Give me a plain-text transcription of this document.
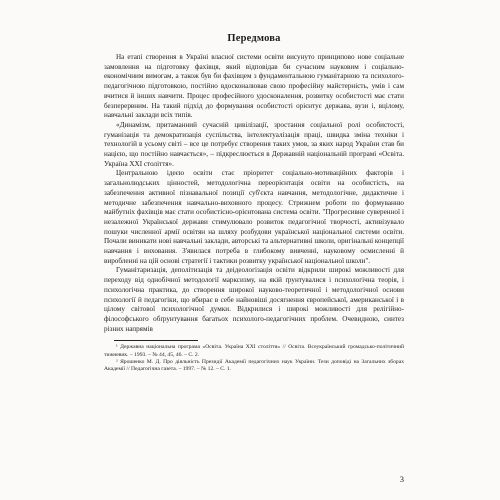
Передмова

На етапі створення в Україні власної системи освіти висунуто принципово нове соціальне замовлення на підготовку фахівця, який відповідав би сучасним науковим і соціально-економічним вимогам, а також був би фахівцем з фундаментальною гуманітарною та психолого-педагогічною підготовкою, постійно вдосконалював свою професійну майстерність, умів і сам вчитися й інших навчити. Процес професійного удосконалення, розвитку особистості має стати безперервним. На такий підхід до формування особистості орієнтує держава, вузи і, вцілому, навчальні заклади всіх типів.

«Динамізм, притаманний сучасній цивілізації, зростання соціальної ролі особистості, гуманізація та демократизація суспільства, інтелектуалізація праці, швидка зміна техніки і технологій в усьому світі – все це потребує створення таких умов, за яких народ України став би нацією, що постійно навчається», – підкреслюється в Державній національній програмі «Освіта. Україна XXI століття».

Центральною ідеєю освіти стає пріоритет соціально-мотиваційних факторів і загальнолюдських цінностей, методологічна переорієнтація освіти на особистість, на забезпечення активної пізнавальної позиції суб'єкта навчання, методологічне, дидактичне і методичне забезпечення навчально-виховного процесу. Стрижнем роботи по формуванню майбутніх фахівців має стати особистісно-орієнтована система освіти. "Прогресивне суверенної і незалежної Української держави стимулювало розвиток педагогічної творчості, активізувало пошуки численної армії освітян на шляху розбудови української національної системи освіти. Почали виникати нові навчальні заклади, авторські та альтернативні школи, оригінальні концепції навчання і виховання. З'явилася потреба в глибокому вивченні, науковому осмисленні й виробленні на цій основі стратегії і тактики розвитку української національної школи".

Гуманітаризація, деполітизація та деідеологізація освіти відкрили широкі можливості для переходу від однобічної методології марксизму, на якій ґрунтувалися і психологічна теорія, і психологічна практика, до створення широкої науково-теоретичної і методологічної основи психології й педагогіки, що вбирає в себе найновіші досягнення європейської, американської і в цілому світової психологічної думки. Відкрилися і широкі можливості для релігійно-філософського обґрунтування багатьох психолого-педагогічних проблем. Очевидною, синтез різних напрямів

¹ Державна національна програма «Освіта. Україна XXI століття» // Освіта. Всеукраїнський громадсько-політичний тижневик. – 1993. – № 44, 45, 46. – С. 2.

² Ярошенко М. Д. Про діяльність Президії Академії педагогічних наук України. Тези доповіді на Загальних зборах Академії // Педагогічна газета. – 1997. – № 12. – С. 1.

3
